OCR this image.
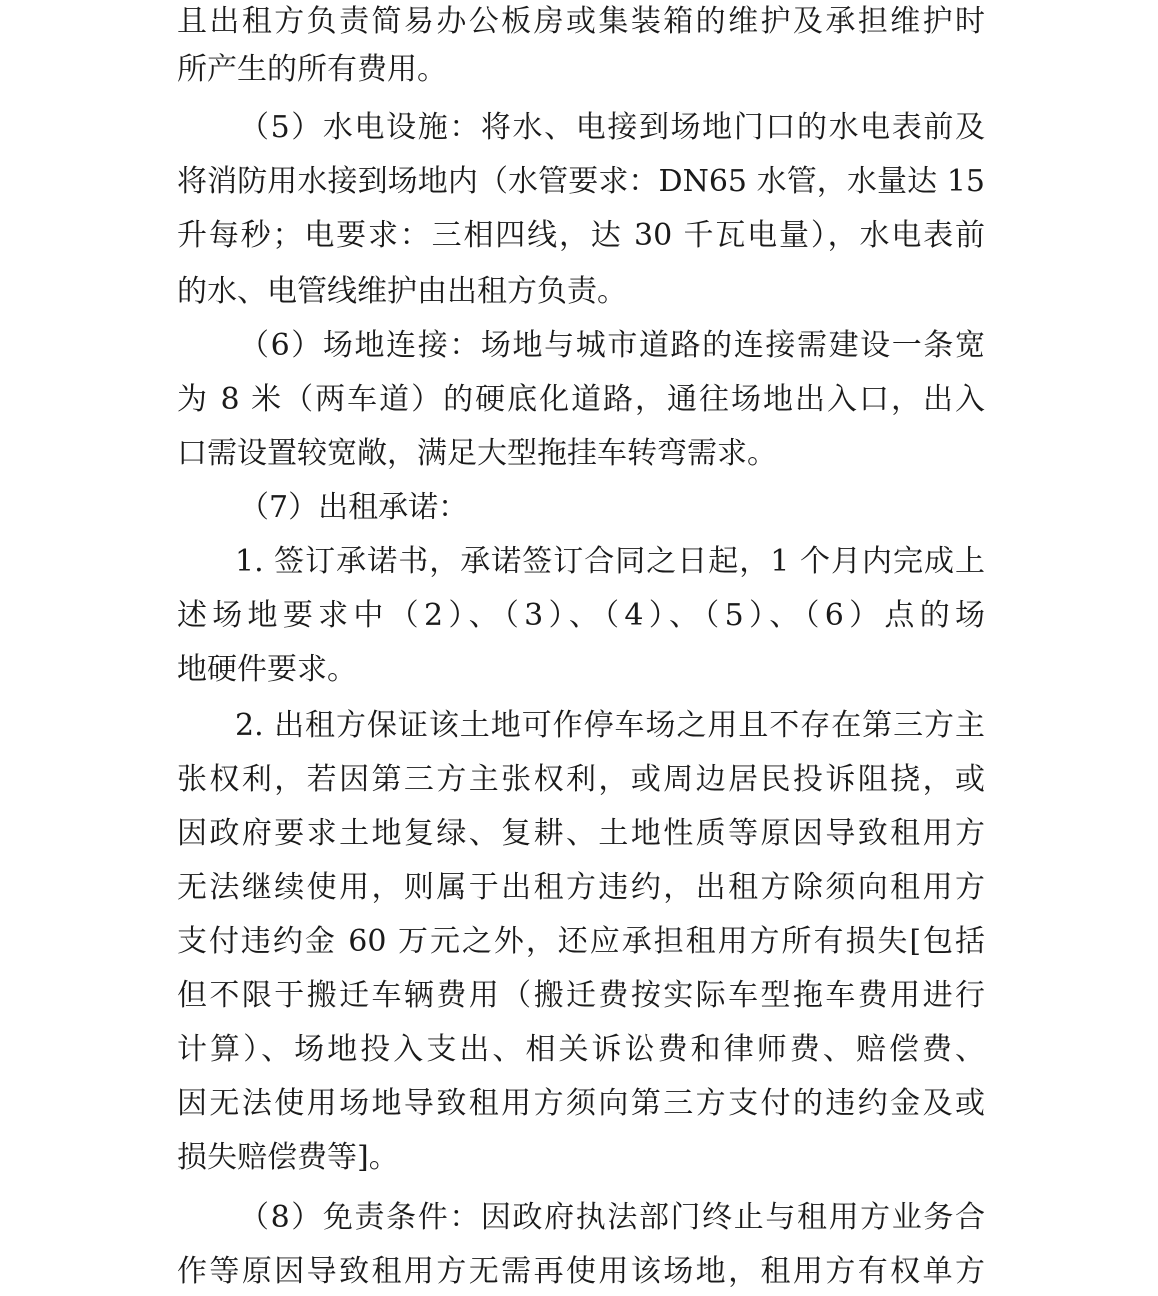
且出租方负责简易办公板房或集装箱的维护及承担维护时
所产生的所有费用。
（5）水电设施：将水、电接到场地门口的水电表前及
将消防用水接到场地内（水管要求：DN65 水管，水量达 15
升每秒；电要求：三相四线，达 30 千瓦电量），水电表前
的水、电管线维护由出租方负责。
（6）场地连接：场地与城市道路的连接需建设一条宽
为 8 米（两车道）的硬底化道路，通往场地出入口，出入
口需设置较宽敞，满足大型拖挂车转弯需求。
（7）出租承诺：
1. 签订承诺书，承诺签订合同之日起，1 个月内完成上
述场地要求中（2）、（3）、（4）、（5）、（6）点的场
地硬件要求。
2. 出租方保证该土地可作停车场之用且不存在第三方主
张权利，若因第三方主张权利，或周边居民投诉阻挠，或
因政府要求土地复绿、复耕、土地性质等原因导致租用方
无法继续使用，则属于出租方违约，出租方除须向租用方
支付违约金 60 万元之外，还应承担租用方所有损失[包括
但不限于搬迁车辆费用（搬迁费按实际车型拖车费用进行
计算）、场地投入支出、相关诉讼费和律师费、赔偿费、
因无法使用场地导致租用方须向第三方支付的违约金及或
损失赔偿费等]。
（8）免责条件：因政府执法部门终止与租用方业务合
作等原因导致租用方无需再使用该场地，租用方有权单方
